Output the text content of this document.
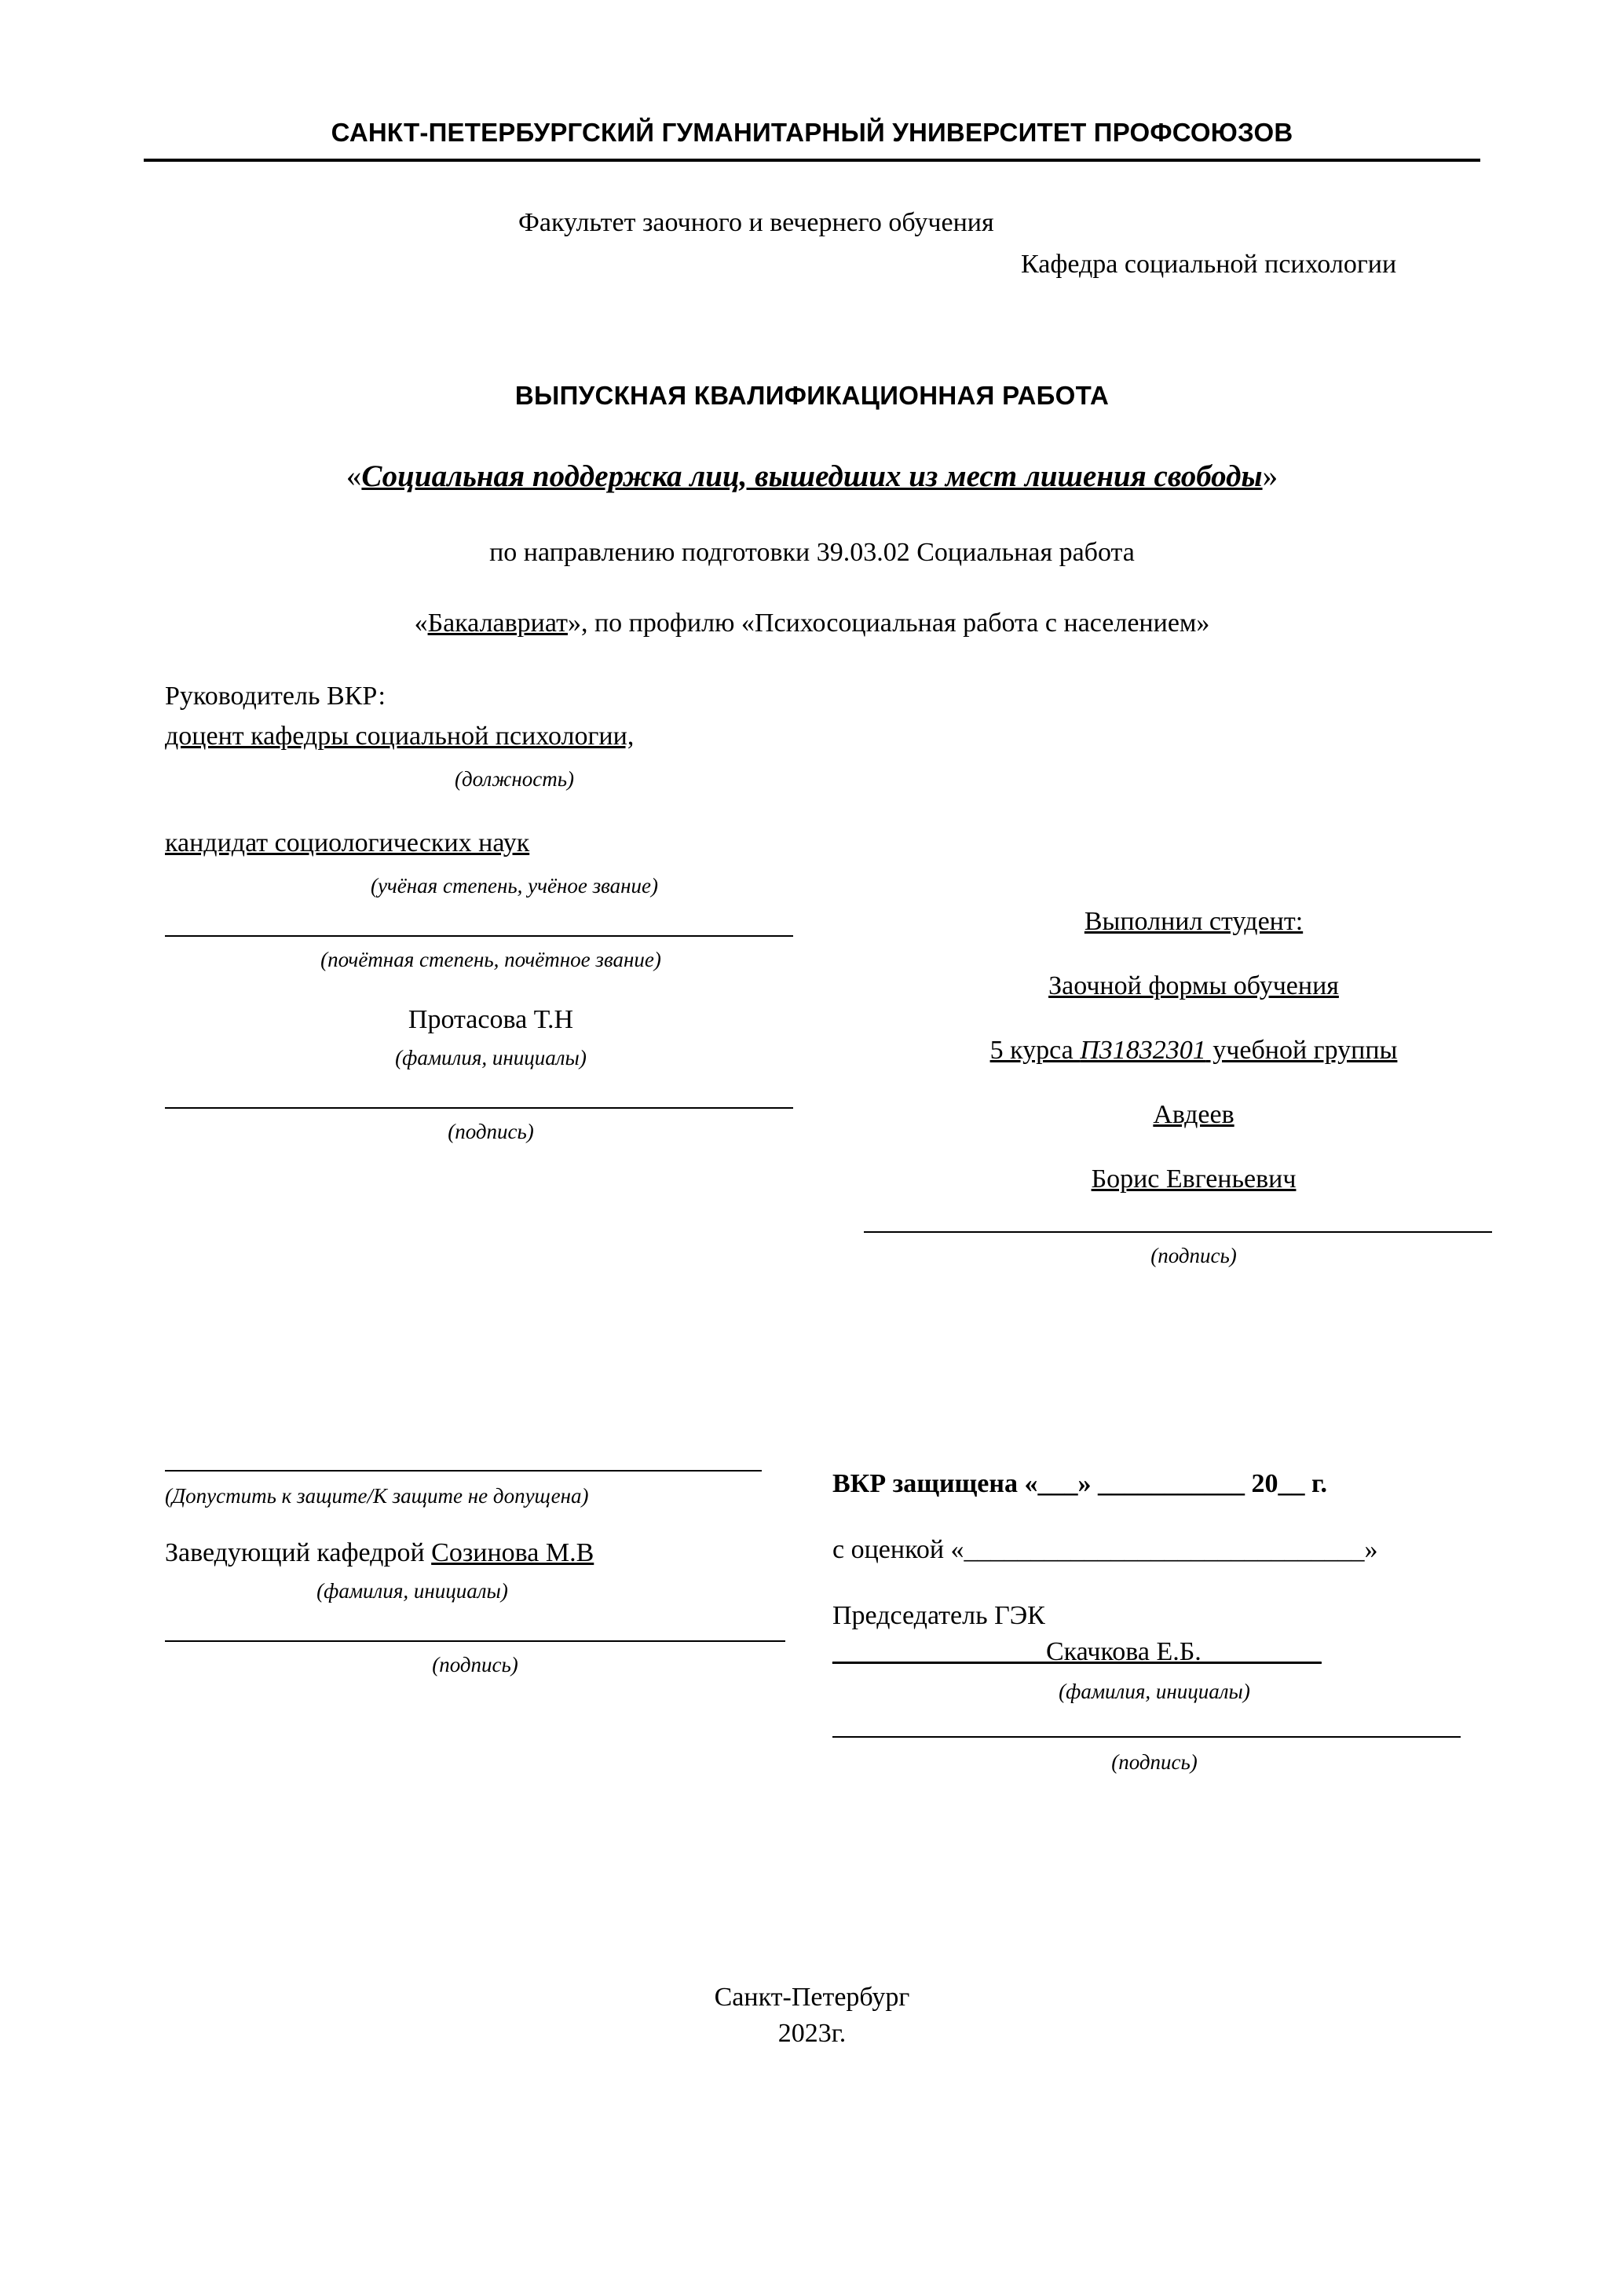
САНКТ-ПЕТЕРБУРГСКИЙ ГУМАНИТАРНЫЙ УНИВЕРСИТЕТ ПРОФСОЮЗОВ
Факультет заочного и вечернего обучения
Кафедра социальной психологии
ВЫПУСКНАЯ КВАЛИФИКАЦИОННАЯ РАБОТА
«Социальная поддержка лиц, вышедших из мест лишения свободы»
по направлению подготовки 39.03.02 Социальная работа
«Бакалавриат», по профилю «Психосоциальная работа с населением»
Руководитель ВКР:
доцент кафедры социальной психологии,
(должность)
кандидат социологических наук
(учёная степень, учёное звание)
(почётная степень, почётное звание)
Протасова Т.Н
(фамилия, инициалы)
(подпись)
Выполнил студент:
Заочной формы обучения
5 курса П31832301 учебной группы
Авдеев
Борис Евгеньевич
(подпись)
(Допустить к защите/К защите не допущена)
Заведующий кафедрой Созинова М.В
(фамилия, инициалы)
(подпись)
ВКР защищена «___» ___________ 20__ г.
с оценкой «______________________________»
Председатель ГЭК
________________Скачкова Е.Б._________
(фамилия, инициалы)
(подпись)
Санкт-Петербург
2023г.
